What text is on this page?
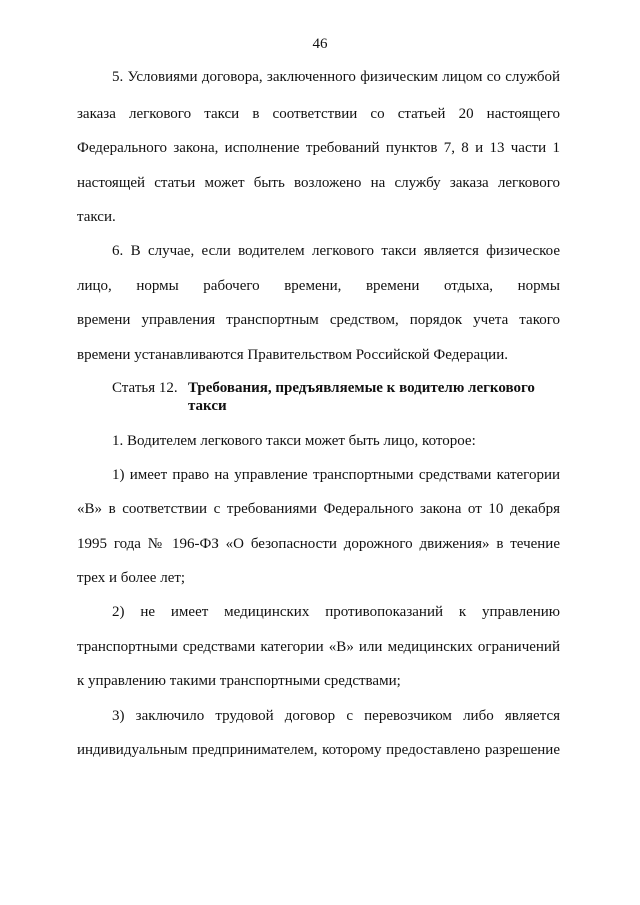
46
5. Условиями договора, заключенного физическим лицом со службой
заказа легкового такси в соответствии со статьей 20 настоящего
Федерального закона, исполнение требований пунктов 7, 8 и 13 части 1
настоящей статьи может быть возложено на службу заказа легкового
такси.
6. В случае, если водителем легкового такси является физическое
лицо, нормы рабочего времени, времени отдыха, нормы
времени управления транспортным средством, порядок учета такого
времени устанавливаются Правительством Российской Федерации.
Статья 12. Требования, предъявляемые к водителю легкового
такси
1. Водителем легкового такси может быть лицо, которое:
1) имеет право на управление транспортными средствами категории
«В» в соответствии с требованиями Федерального закона от 10 декабря
1995 года № 196-ФЗ «О безопасности дорожного движения» в течение
трех и более лет;
2) не имеет медицинских противопоказаний к управлению
транспортными средствами категории «В» или медицинских ограничений
к управлению такими транспортными средствами;
3) заключило трудовой договор с перевозчиком либо является
индивидуальным предпринимателем, которому предоставлено разрешение
